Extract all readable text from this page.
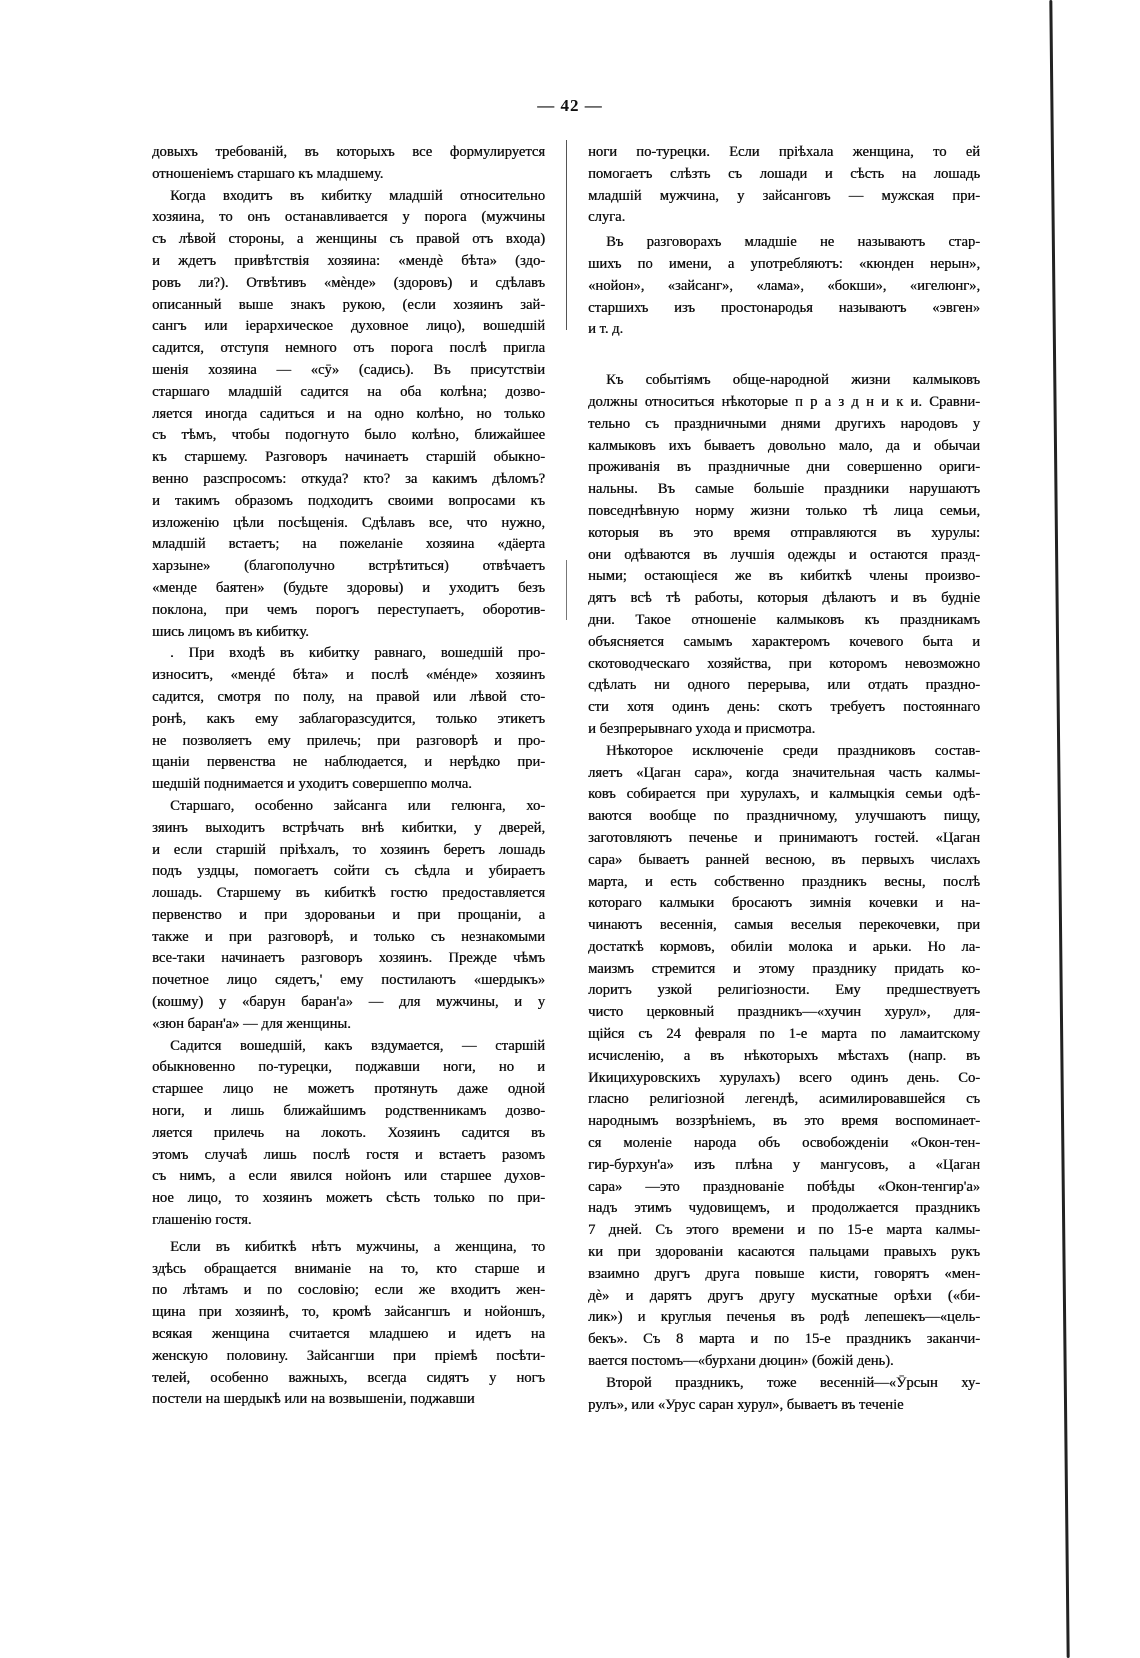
— 42 —
довыхъ требованій, въ которыхъ все формулируется
отношеніемъ старшаго къ младшему.
Когда входитъ въ кибитку младшій относительно
хозяина, то онъ останавливается у порога (мужчины
съ лѣвой стороны, а женщины съ правой отъ входа)
и ждетъ привѣтствія хозяина: «мендѐ бѣта» (здо-
ровъ ли?). Отвѣтивъ «мѐнде» (здоровъ) и сдѣлавъ
описанный выше знакъ рукою, (если хозяинъ зай-
сангъ или іерархическое духовное лицо), вошедшій
садится, отступя немного отъ порога послѣ пригла
шенія хозяина — «сӯ» (садись). Въ присутствіи
старшаго младшій садится на оба колѣна; дозво-
ляется иногда садиться и на одно колѣно, но только
съ тѣмъ, чтобы подогнуто было колѣно, ближайшее
къ старшему. Разговоръ начинаетъ старшій обыкно-
венно разспросомъ: откуда? кто? за какимъ дѣломъ?
и такимъ образомъ подходитъ своими вопросами къ
изложенію цѣли посѣщенія. Сдѣлавъ все, что нужно,
младшій встаетъ; на пожеланіе хозяина «дäерта
харзыне» (благополучно встрѣтиться) отвѣчаетъ
«менде баятен» (будьте здоровы) и уходитъ безъ
поклона, при чемъ порогъ переступаетъ, оборотив-
шись лицомъ въ кибитку.
. При входѣ въ кибитку равнаго, вошедшій про-
износитъ, «мендé бѣта» и послѣ «мéнде» хозяинъ
садится, смотря по полу, на правой или лѣвой сто-
ронѣ, какъ ему заблагоразсудится, только этикетъ
не позволяетъ ему прилечь; при разговорѣ и про-
щаніи первенства не наблюдается, и нерѣдко при-
шедшій поднимается и уходитъ совершеппо молча.
Старшаго, особенно зайсанга или гелюнга, хо-
зяинъ выходитъ встрѣчать внѣ кибитки, у дверей,
и если старшій пріѣхалъ, то хозяинъ беретъ лошадь
подъ уздцы, помогаетъ сойти съ сѣдла и убираетъ
лошадь. Старшему въ кибиткѣ гостю предоставляется
первенство и при здорованьи и при прощаніи, а
также и при разговорѣ, и только съ незнакомыми
все-таки начинаетъ разговоръ хозяинъ. Прежде чѣмъ
почетное лицо сядетъ,' ему постилаютъ «шердыкъ»
(кошму) у «барун баран'а» — для мужчины, и у
«зюн баран'а» — для женщины.
Садится вошедшій, какъ вздумается, — старшій
обыкновенно по-турецки, поджавши ноги, но и
старшее лицо не можетъ протянуть даже одной
ноги, и лишь ближайшимъ родственникамъ дозво-
ляется прилечь на локоть. Хозяинъ садится въ
этомъ случаѣ лишь послѣ гостя и встаетъ разомъ
съ нимъ, а если явился нойонъ или старшее духов-
ное лицо, то хозяинъ можетъ сѣсть только по при-
глашенію гостя.
Если въ кибиткѣ нѣтъ мужчины, а женщина, то
здѣсь обращается вниманіе на то, кто старше и
по лѣтамъ и по сословію; если же входитъ жен-
щина при хозяинѣ, то, кромѣ зайсангшъ и нойоншъ,
всякая женщина считается младшею и идетъ на
женскую половину. Зайсангши при пріемѣ посѣти-
телей, особенно важныхъ, всегда сидятъ у ногъ
постели на шердыкѣ или на возвышеніи, поджавши
ноги по-турецки. Если пріѣхала женщина, то ей
помогаетъ слѣзть съ лошади и сѣсть на лошадь
младшій мужчина, у зайсанговъ — мужская при-
слуга.
Въ разговорахъ младшіе не называютъ стар-
шихъ по имени, а употребляютъ: «кюнден нерын»,
«нойон», «зайсанг», «лама», «бокши», «игелюнг»,
старшихъ изъ простонародья называютъ «эвген»
и т. д.
Къ событіямъ обще-народной жизни калмыковъ
должны относиться нѣкоторые п р а з д н и к и. Сравни-
тельно съ праздничными днями другихъ народовъ у
калмыковъ ихъ бываетъ довольно мало, да и обычаи
проживанія въ праздничные дни совершенно ориги-
нальны. Въ самые большіе праздники нарушаютъ
повседнѣвную норму жизни только тѣ лица семьи,
которыя въ это время отправляются въ хурулы:
они одѣваются въ лучшія одежды и остаются празд-
ными; остающіеся же въ кибиткѣ члены произво-
дятъ всѣ тѣ работы, которыя дѣлаютъ и въ будніе
дни. Такое отношеніе калмыковъ къ праздникамъ
объясняется самымъ характеромъ кочевого быта и
скотоводческаго хозяйства, при которомъ невозможно
сдѣлать ни одного перерыва, или отдать праздно-
сти хотя одинъ день: скотъ требуетъ постояннаго
и безпрерывнаго ухода и присмотра.
Нѣкоторое исключеніе среди праздниковъ состав-
ляетъ «Цаган сара», когда значительная часть калмы-
ковъ собирается при хурулахъ, и калмыцкія семьи одѣ-
ваются вообще по праздничному, улучшаютъ пищу,
заготовляютъ печенье и принимаютъ гостей. «Цаган
сара» бываетъ ранней весною, въ первыхъ числахъ
марта, и есть собственно праздникъ весны, послѣ
котораго калмыки бросаютъ зимнія кочевки и на-
чинаютъ весеннія, самыя веселыя перекочевки, при
достаткѣ кормовъ, обиліи молока и арьки. Но ла-
маизмъ стремится и этому празднику придать ко-
лоритъ узкой религіозности. Ему предшествуетъ
чисто церковный праздникъ—«хучин хурул», для-
щійся съ 24 февраля по 1-е марта по ламаитскому
исчисленію, а въ нѣкоторыхъ мѣстахъ (напр. въ
Икицихуровскихъ хурулахъ) всего одинъ день. Со-
гласно религіозной легендѣ, асимилировавшейся съ
народнымъ воззрѣніемъ, въ это время воспоминает-
ся моленіе народа объ освобожденіи «Окон-тен-
гир-бурхун'а» изъ плѣна у мангусовъ, а «Цаган
сара» —это празднованіе побѣды «Окон-тенгир'а»
надъ этимъ чудовищемъ, и продолжается праздникъ
7 дней. Съ этого времени и по 15-е марта калмы-
ки при здорованіи касаются пальцами правыхъ рукъ
взаимно другъ друга повыше кисти, говорятъ «мен-
дѐ» и дарятъ другъ другу мускатные орѣхи («би-
лик») и круглыя печенья въ родѣ лепешекъ—«цель-
бекъ». Съ 8 марта и по 15-е праздникъ заканчи-
вается постомъ—«бурхани дюцин» (божій день).
Второй праздникъ, тоже весенній—«Ӯрсын ху-
рулъ», или «Урус саран хурул», бываетъ въ теченіе
